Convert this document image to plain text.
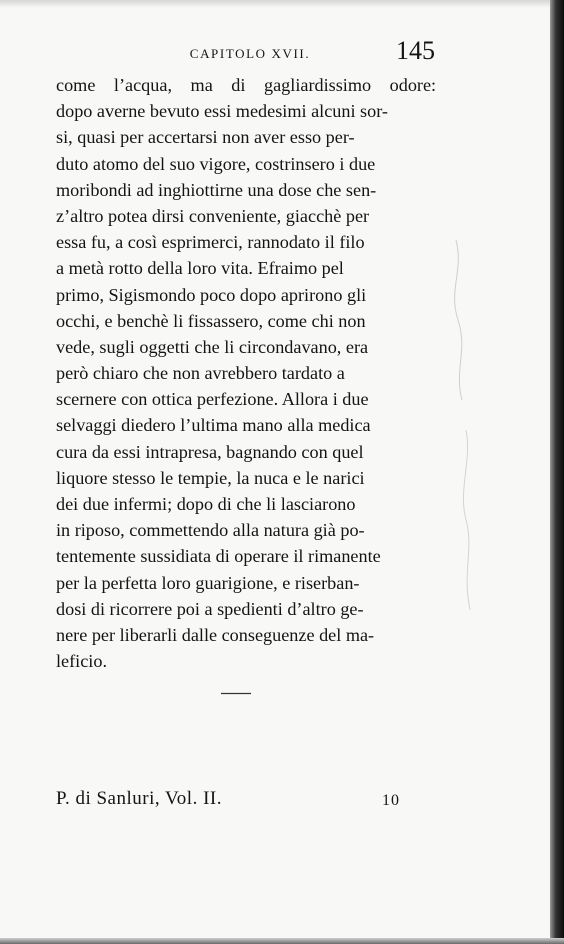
CAPITOLO XVII.	145
come l’acqua, ma di gagliardissimo odore:
dopo averne bevuto essi medesimi alcuni sor-
si, quasi per accertarsi non aver esso per-
duto atomo del suo vigore, costrinsero i due
moribondi ad inghiottirne una dose che sen-
z’altro potea dirsi conveniente, giacchè per
essa fu, a così esprimerci, rannodato il filo
a metà rotto della loro vita. Efraimo pel
primo, Sigismondo poco dopo aprirono gli
occhi, e benchè li fissassero, come chi non
vede, sugli oggetti che li circondavano, era
però chiaro che non avrebbero tardato a
scernere con ottica perfezione. Allora i due
selvaggi diedero l’ultima mano alla medica
cura da essi intrapresa, bagnando con quel
liquore stesso le tempie, la nuca e le narici
dei due infermi; dopo di che li lasciarono
in riposo, commettendo alla natura già po-
tentemente sussidiata di operare il rimanente
per la perfetta loro guarigione, e riserban-
dosi di ricorrere poi a spedienti d’altro ge-
nere per liberarli dalle conseguenze del ma-
leficio.
P. di Sanluri, Vol. II.	10
